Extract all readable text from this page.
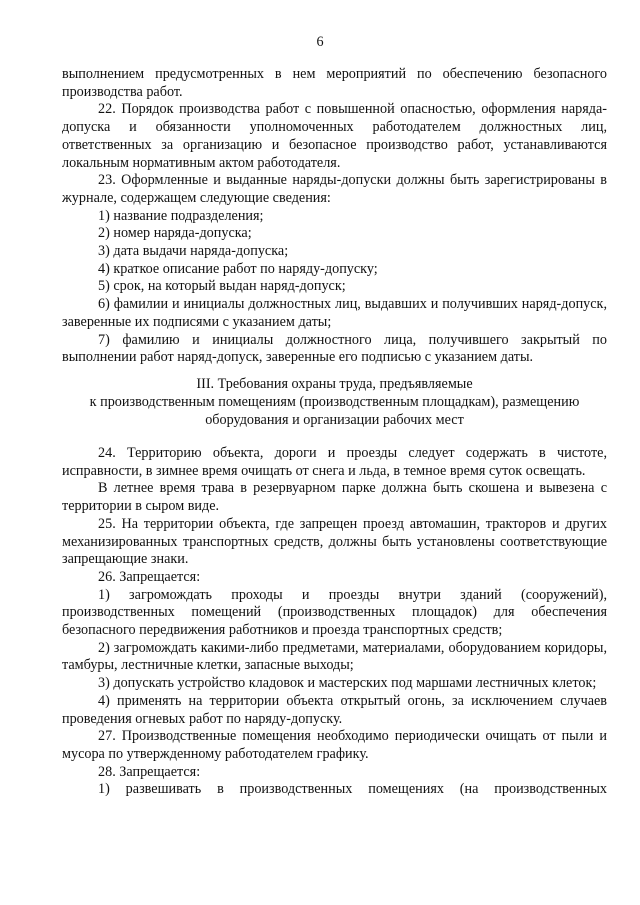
6

выполнением предусмотренных в нем мероприятий по обеспечению безопасного производства работ.

22. Порядок производства работ с повышенной опасностью, оформления наряда-допуска и обязанности уполномоченных работодателем должностных лиц, ответственных за организацию и безопасное производство работ, устанавливаются локальным нормативным актом работодателя.

23. Оформленные и выданные наряды-допуски должны быть зарегистрированы в журнале, содержащем следующие сведения:

1) название подразделения;

2) номер наряда-допуска;

3) дата выдачи наряда-допуска;

4) краткое описание работ по наряду-допуску;

5) срок, на который выдан наряд-допуск;

6) фамилии и инициалы должностных лиц, выдавших и получивших наряд-допуск, заверенные их подписями с указанием даты;

7) фамилию и инициалы должностного лица, получившего закрытый по выполнении работ наряд-допуск, заверенные его подписью с указанием даты.

III. Требования охраны труда, предъявляемые
к производственным помещениям (производственным площадкам), размещению
оборудования и организации рабочих мест

24. Территорию объекта, дороги и проезды следует содержать в чистоте, исправности, в зимнее время очищать от снега и льда, в темное время суток освещать.

В летнее время трава в резервуарном парке должна быть скошена и вывезена с территории в сыром виде.

25. На территории объекта, где запрещен проезд автомашин, тракторов и других механизированных транспортных средств, должны быть установлены соответствующие запрещающие знаки.

26. Запрещается:

1) загромождать проходы и проезды внутри зданий (сооружений), производственных помещений (производственных площадок) для обеспечения безопасного передвижения работников и проезда транспортных средств;

2) загромождать какими-либо предметами, материалами, оборудованием коридоры, тамбуры, лестничные клетки, запасные выходы;

3) допускать устройство кладовок и мастерских под маршами лестничных клеток;

4) применять на территории объекта открытый огонь, за исключением случаев проведения огневых работ по наряду-допуску.

27. Производственные помещения необходимо периодически очищать от пыли и мусора по утвержденному работодателем графику.

28. Запрещается:

1) развешивать в производственных помещениях (на производственных
